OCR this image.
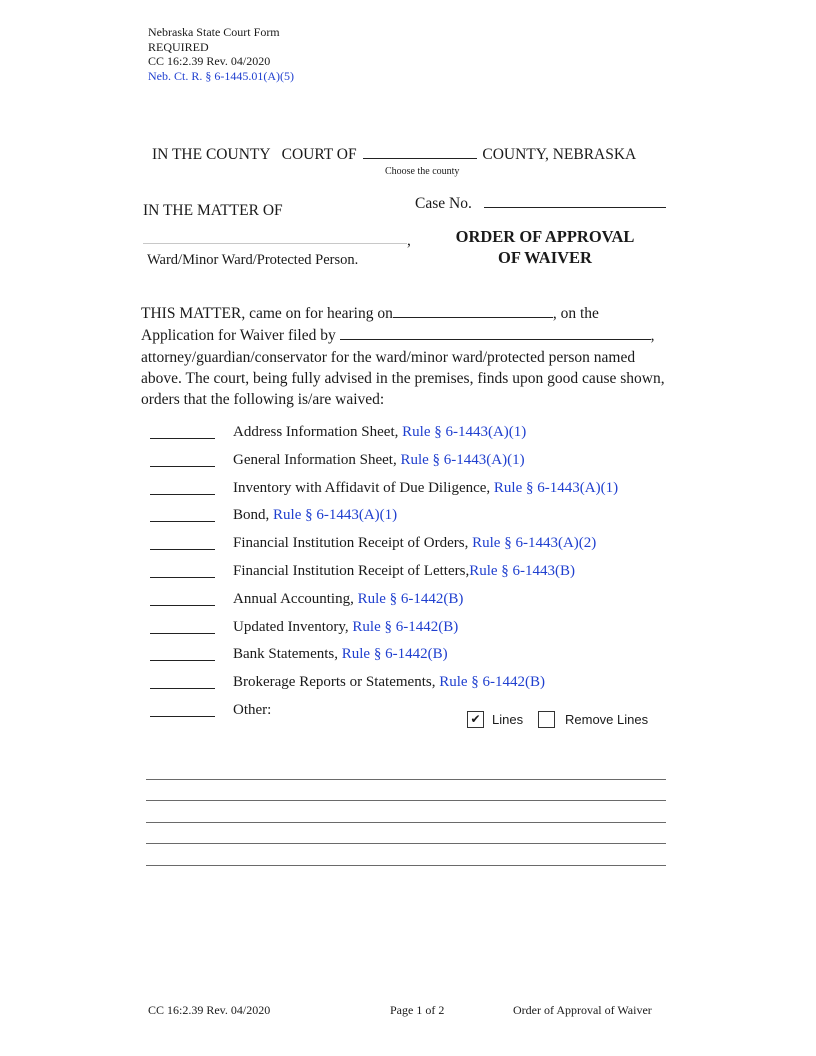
Nebraska State Court Form
REQUIRED
CC 16:2.39 Rev. 04/2020
Neb. Ct. R. § 6-1445.01(A)(5)
IN THE COUNTY COURT OF	COUNTY, NEBRASKA
Choose the county
IN THE MATTER OF	Case No.
,
Ward/Minor Ward/Protected Person.
ORDER OF APPROVAL
OF WAIVER
THIS MATTER, came on for hearing on	, on the
Application for Waiver filed by	,
attorney/guardian/conservator for the ward/minor ward/protected person named above. The court, being fully advised in the premises, finds upon good cause shown, orders that the following is/are waived:
Address Information Sheet, Rule § 6-1443(A)(1)
General Information Sheet, Rule § 6-1443(A)(1)
Inventory with Affidavit of Due Diligence, Rule § 6-1443(A)(1)
Bond, Rule § 6-1443(A)(1)
Financial Institution Receipt of Orders, Rule § 6-1443(A)(2)
Financial Institution Receipt of Letters,Rule § 6-1443(B)
Annual Accounting, Rule § 6-1442(B)
Updated Inventory, Rule § 6-1442(B)
Bank Statements, Rule § 6-1442(B)
Brokerage Reports or Statements, Rule § 6-1442(B)
Other:
✔ Lines	Remove Lines
CC 16:2.39 Rev. 04/2020	Page 1 of 2	Order of Approval of Waiver
